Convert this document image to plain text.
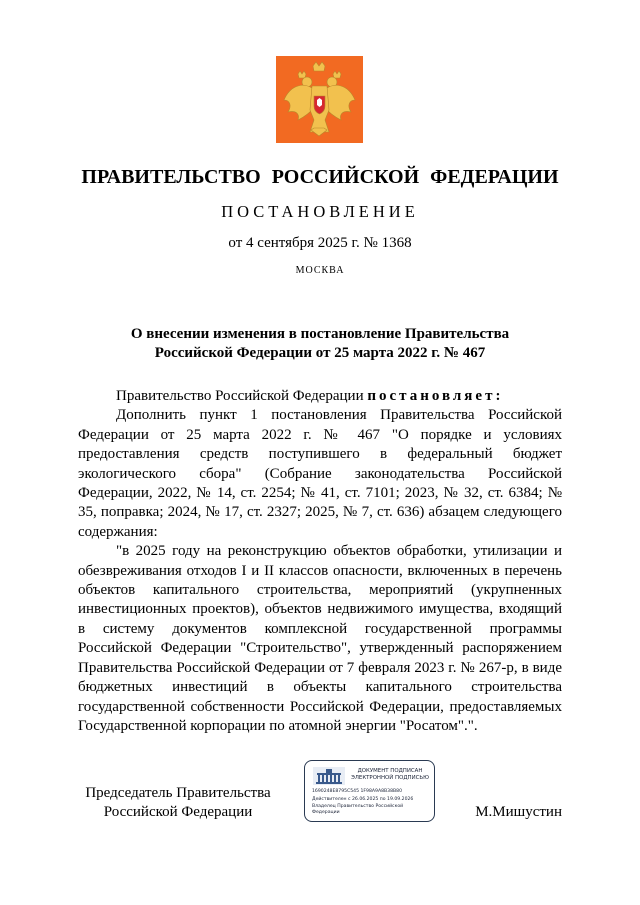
ПРАВИТЕЛЬСТВО РОССИЙСКОЙ ФЕДЕРАЦИИ
ПОСТАНОВЛЕНИЕ
от 4 сентября 2025 г. № 1368
МОСКВА
О внесении изменения в постановление Правительства
Российской Федерации от 25 марта 2022 г. № 467

Правительство Российской Федерации постановляет:

Дополнить пункт 1 постановления Правительства Российской Федерации от 25 марта 2022 г. № 467 "О порядке и условиях предоставления средств поступившего в федеральный бюджет экологического сбора" (Собрание законодательства Российской Федерации, 2022, № 14, ст. 2254; № 41, ст. 7101; 2023, № 32, ст. 6384; № 35, поправка; 2024, № 17, ст. 2327; 2025, № 7, ст. 636) абзацем следующего содержания:

"в 2025 году на реконструкцию объектов обработки, утилизации и обезвреживания отходов I и II классов опасности, включенных в перечень объектов капитального строительства, мероприятий (укрупненных инвестиционных проектов), объектов недвижимого имущества, входящий в систему документов комплексной государственной программы Российской Федерации "Строительство", утвержденный распоряжением Правительства Российской Федерации от 7 февраля 2023 г. № 267-р, в виде бюджетных инвестиций в объекты капитального строительства государственной собственности Российской Федерации, предоставляемых Государственной корпорации по атомной энергии "Росатом".".

Председатель Правительства
Российской Федерации
ДОКУМЕНТ ПОДПИСАН
ЭЛЕКТРОННОЙ ПОДПИСЬЮ
1690248E8795C545 1F98A9A8B38B80
Действителен с 26.06.2025 по 19.09.2026
Владелец Правительство Российской
Федерации	М.Мишустин
